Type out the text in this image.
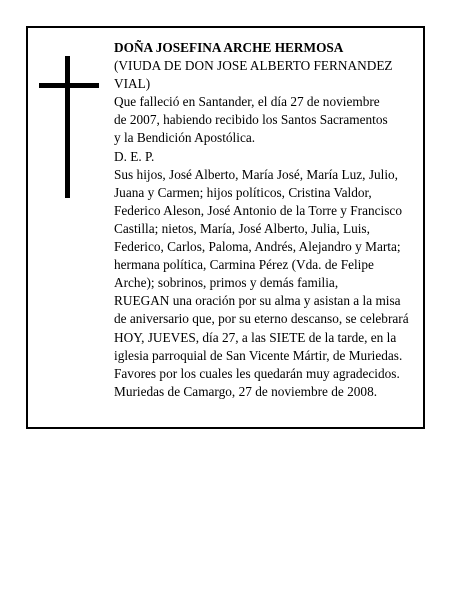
DOÑA JOSEFINA ARCHE HERMOSA
(VIUDA DE DON JOSE ALBERTO FERNANDEZ
VIAL)
Que falleció en Santander, el día 27 de noviembre
de 2007, habiendo recibido los Santos Sacramentos
y la Bendición Apostólica.
D. E. P.
Sus hijos, José Alberto, María José, María Luz, Julio,
Juana y Carmen; hijos políticos, Cristina Valdor,
Federico Aleson, José Antonio de la Torre y Francisco
Castilla; nietos, María, José Alberto, Julia, Luis,
Federico, Carlos, Paloma, Andrés, Alejandro y Marta;
hermana política, Carmina Pérez (Vda. de Felipe
Arche); sobrinos, primos y demás familia,
RUEGAN una oración por su alma y asistan a la misa
de aniversario que, por su eterno descanso, se celebrará
HOY, JUEVES, día 27, a las SIETE de la tarde, en la
iglesia parroquial de San Vicente Mártir, de Muriedas.
Favores por los cuales les quedarán muy agradecidos.
Muriedas de Camargo, 27 de noviembre de 2008.
